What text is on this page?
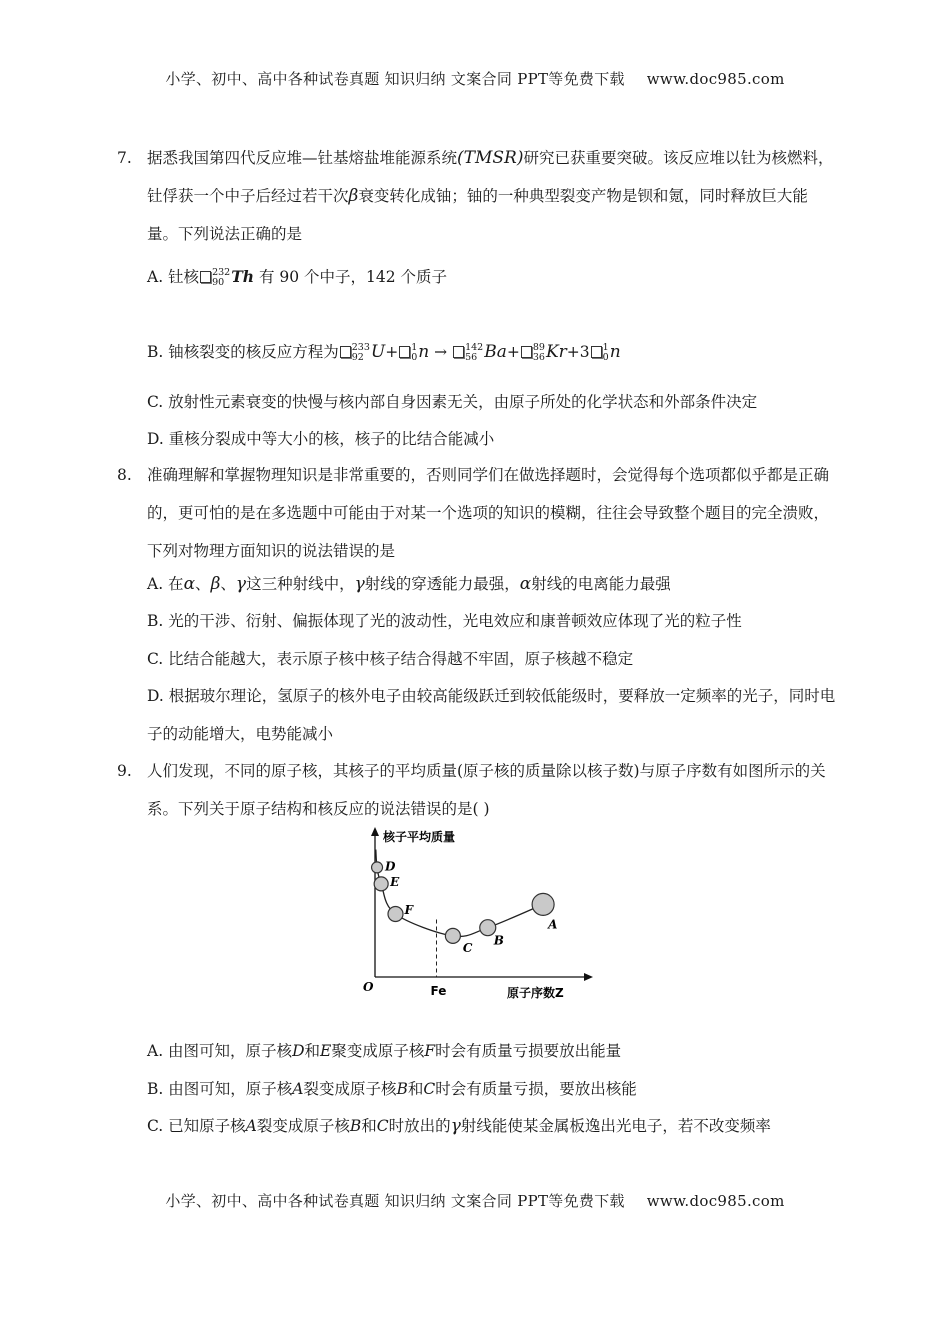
小学、初中、高中各种试卷真题 知识归纳 文案合同 PPT等免费下载 www.doc985.com
7. 据悉我国第四代反应堆—钍基熔盐堆能源系统(TMSR)研究已获重要突破。该反应堆以钍为核燃料，钍俘获一个中子后经过若干次β衰变转化成铀；铀的一种典型裂变产物是钡和氪，同时释放巨大能量。下列说法正确的是
A. 钍核 232
90 Th 有 90 个中子，142 个质子
B. 铀核裂变的核反应方程为 233
92 U+ 1
0 n → 142
56 Ba+ 89
36 Kr+3 1
0 n
C. 放射性元素衰变的快慢与核内部自身因素无关，由原子所处的化学状态和外部条件决定
D. 重核分裂成中等大小的核，核子的比结合能减小
8. 准确理解和掌握物理知识是非常重要的，否则同学们在做选择题时，会觉得每个选项都似乎都是正确的，更可怕的是在多选题中可能由于对某一个选项的知识的模糊，往往会导致整个题目的完全溃败，下列对物理方面知识的说法错误的是
A. 在α、β、γ这三种射线中，γ射线的穿透能力最强，α射线的电离能力最强
B. 光的干涉、衍射、偏振体现了光的波动性，光电效应和康普顿效应体现了光的粒子性
C. 比结合能越大，表示原子核中核子结合得越不牢固，原子核越不稳定
D. 根据玻尔理论，氢原子的核外电子由较高能级跃迁到较低能级时，要释放一定频率的光子，同时电子的动能增大，电势能减小
9. 人们发现，不同的原子核，其核子的平均质量(原子核的质量除以核子数)与原子序数有如图所示的关系。下列关于原子结构和核反应的说法错误的是( )
核子平均质量
原子序数Z
O	Fe
D
E
F
C
B
A
A. 由图可知，原子核D和E聚变成原子核F时会有质量亏损要放出能量
B. 由图可知，原子核A裂变成原子核B和C时会有质量亏损，要放出核能
C. 已知原子核A裂变成原子核B和C时放出的γ射线能使某金属板逸出光电子，若不改变频率
小学、初中、高中各种试卷真题 知识归纳 文案合同 PPT等免费下载 www.doc985.com
